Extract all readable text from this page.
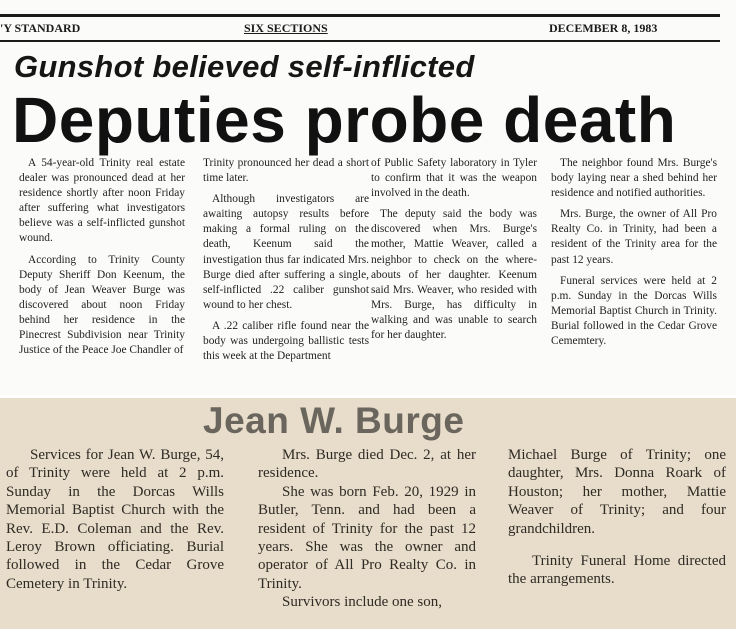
'Y STANDARD	SIX SECTIONS	DECEMBER 8, 1983
Gunshot believed self-inflicted
Deputies probe death

A 54-year-old Trinity real estate dealer was pronounced dead at her residence shortly after noon Friday after suffering what investigators believe was a self-inflicted gunshot wound.

According to Trinity County Deputy Sheriff Don Keenum, the body of Jean Weaver Burge was discovered about noon Friday behind her residence in the Pinecrest Subdivision near Trinity Justice of the Peace Joe Chandler of

Trinity pronounced her dead a short time later.

Although investigators are awaiting autopsy results before making a formal ruling on the death, Keenum said the investigation thus far indicated Mrs. Burge died after suffering a single, self-inflicted .22 caliber gunshot wound to her chest.

A .22 caliber rifle found near the body was undergoing ballistic tests this week at the Department

of Public Safety laboratory in Tyler to confirm that it was the weapon involved in the death.

The deputy said the body was discovered when Mrs. Burge's mother, Mattie Weaver, called a neighbor to check on the where-abouts of her daughter. Keenum said Mrs. Weaver, who resided with Mrs. Burge, has difficulty in walking and was unable to search for her daughter.

The neighbor found Mrs. Burge's body laying near a shed behind her residence and notified authorities.

Mrs. Burge, the owner of All Pro Realty Co. in Trinity, had been a resident of the Trinity area for the past 12 years.

Funeral services were held at 2 p.m. Sunday in the Dorcas Wills Memorial Baptist Church in Trinity. Burial followed in the Cedar Grove Cememtery.

Jean W. Burge

Services for Jean W. Burge, 54, of Trinity were held at 2 p.m. Sunday in the Dorcas Wills Memorial Baptist Church with the Rev. E.D. Coleman and the Rev. Leroy Brown officiating. Burial followed in the Cedar Grove Cemetery in Trinity.

Mrs. Burge died Dec. 2, at her residence.

She was born Feb. 20, 1929 in Butler, Tenn. and had been a resident of Trinity for the past 12 years. She was the owner and operator of All Pro Realty Co. in Trinity.

Survivors include one son,

Michael Burge of Trinity; one daughter, Mrs. Donna Roark of Houston; her mother, Mattie Weaver of Trinity; and four grandchildren.

Trinity Funeral Home directed the arrangements.
